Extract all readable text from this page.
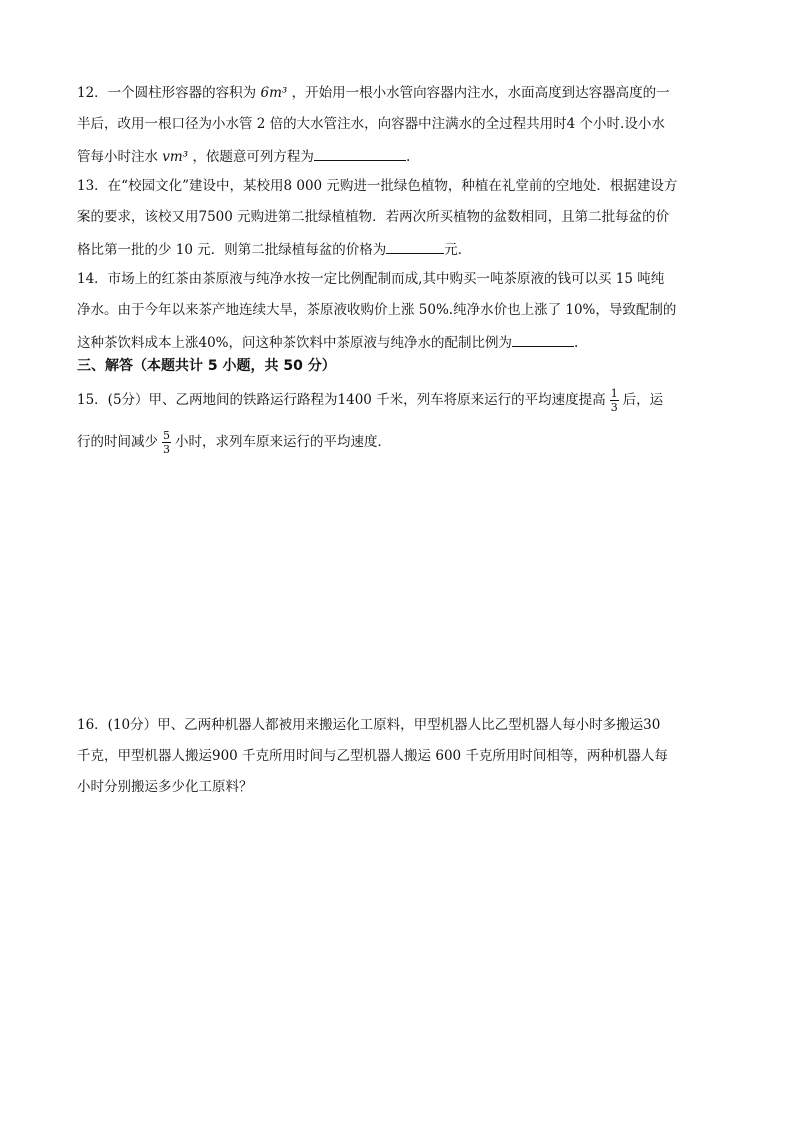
12．一个圆柱形容器的容积为 6m³ ，开始用一根小水管向容器内注水，水面高度到达容器高度的一
半后，改用一根口径为小水管 2 倍的大水管注水，向容器中注满水的全过程共用时4 个小时.设小水
管每小时注水 vm³ ，依题意可列方程为	.
13．在“校园文化”建设中，某校用8 000 元购进一批绿色植物，种植在礼堂前的空地处．根据建设方
案的要求，该校又用7500 元购进第二批绿植植物．若两次所买植物的盆数相同，且第二批每盆的价
格比第一批的少 10 元．则第二批绿植每盆的价格为	元．
14．市场上的红茶由茶原液与纯净水按一定比例配制而成,其中购买一吨茶原液的钱可以买 15 吨纯
净水。由于今年以来茶产地连续大旱，茶原液收购价上涨 50%.纯净水价也上涨了 10%，导致配制的
这种茶饮料成本上涨40%，问这种茶饮料中茶原液与纯净水的配制比例为	.
三、解答（本题共计 5 小题，共 50 分）
15．(5分）甲、乙两地间的铁路运行路程为1400 千米，列车将原来运行的平均速度提高 $\frac{1}{3}$ 后，运
行的时间减少 $\frac{5}{3}$ 小时，求列车原来运行的平均速度．
16．(10分）甲、乙两种机器人都被用来搬运化工原料，甲型机器人比乙型机器人每小时多搬运30
千克，甲型机器人搬运900 千克所用时间与乙型机器人搬运 600 千克所用时间相等，两种机器人每
小时分别搬运多少化工原料？
